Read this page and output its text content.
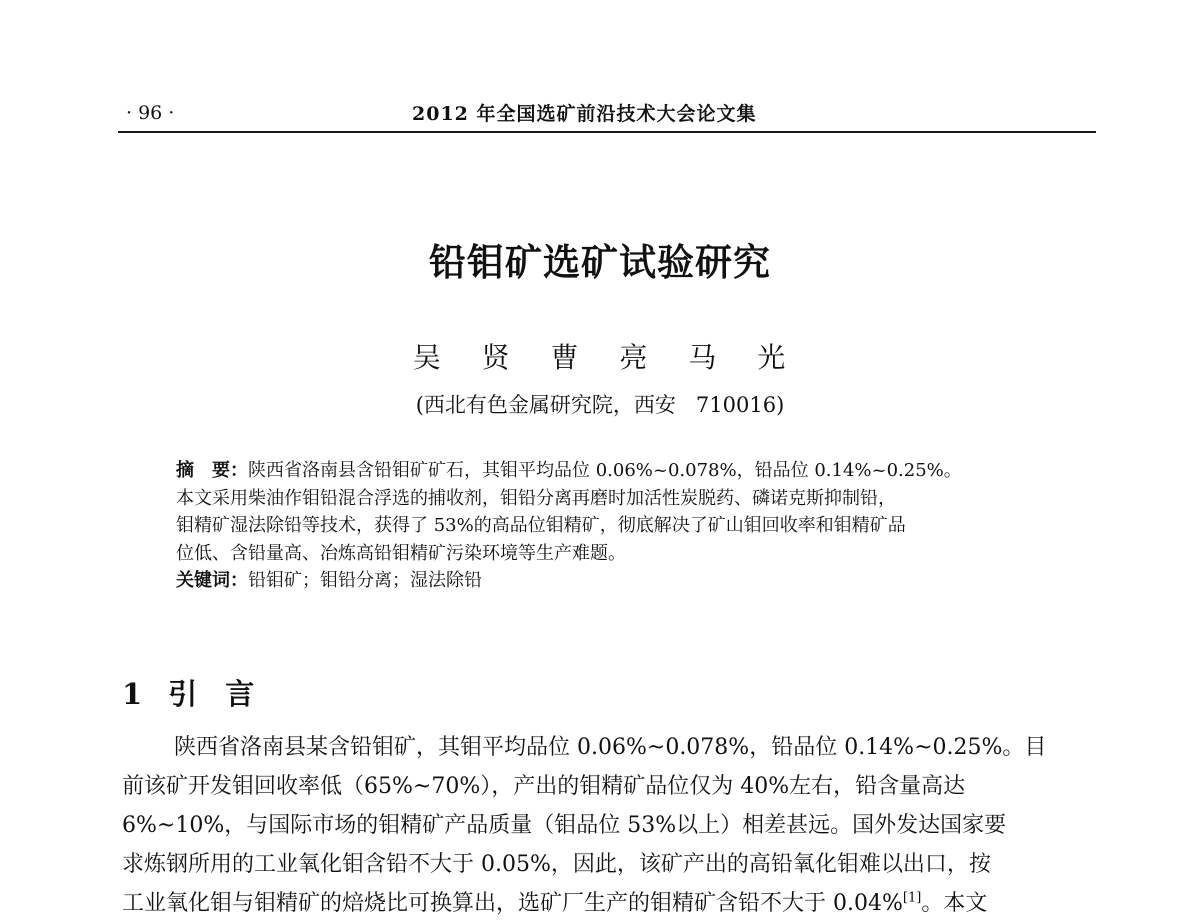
· 96 ·	2012 年全国选矿前沿技术大会论文集
铅钼矿选矿试验研究
吴 贤 曹 亮 马 光
(西北有色金属研究院，西安   710016)
摘　要：陕西省洛南县含铅钼矿矿石，其钼平均品位 0.06%~0.078%，铅品位 0.14%~0.25%。
本文采用柴油作钼铅混合浮选的捕收剂，钼铅分离再磨时加活性炭脱药、磷诺克斯抑制铅，
钼精矿湿法除铅等技术，获得了 53%的高品位钼精矿，彻底解决了矿山钼回收率和钼精矿品
位低、含铅量高、冶炼高铅钼精矿污染环境等生产难题。
关键词：铅钼矿；钼铅分离；湿法除铅
1 引言
陕西省洛南县某含铅钼矿，其钼平均品位 0.06%~0.078%，铅品位 0.14%~0.25%。目
前该矿开发钼回收率低（65%~70%），产出的钼精矿品位仅为 40%左右，铅含量高达
6%~10%，与国际市场的钼精矿产品质量（钼品位 53%以上）相差甚远。国外发达国家要
求炼钢所用的工业氧化钼含铅不大于 0.05%，因此，该矿产出的高铅氧化钼难以出口，按
工业氧化钼与钼精矿的焙烧比可换算出，选矿厂生产的钼精矿含铅不大于 0.04%[1]。本文
